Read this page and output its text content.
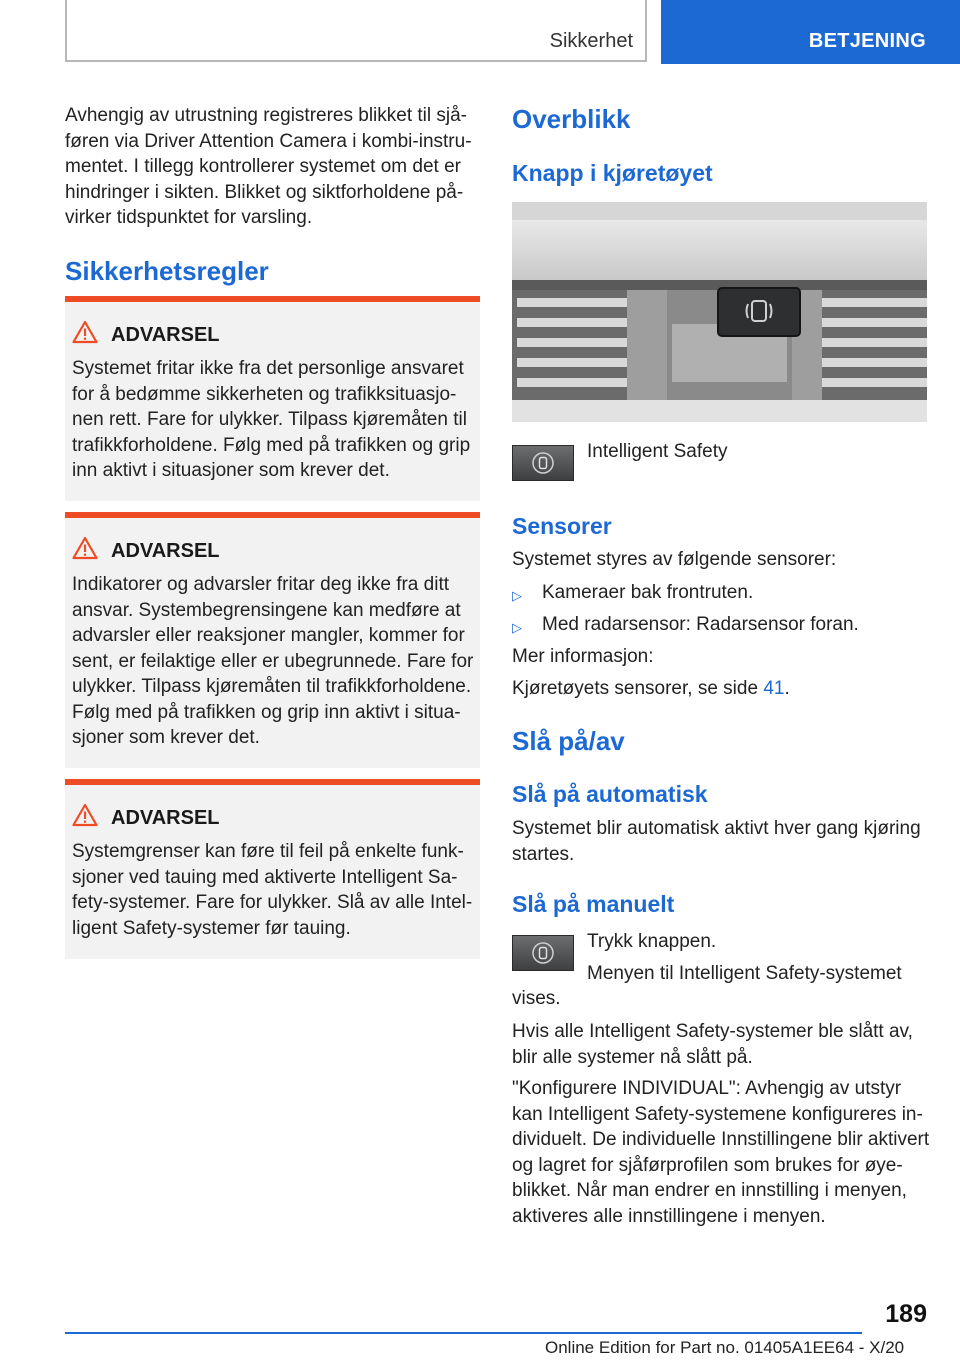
Sikkerhet	BETJENING
Avhengig av utrustning registreres blikket til sjå-føren via Driver Attention Camera i kombi-instru-mentet. I tillegg kontrollerer systemet om det er hindringer i sikten. Blikket og siktforholdene på-virker tidspunktet for varsling.
Sikkerhetsregler
ADVARSEL
Systemet fritar ikke fra det personlige ansvaret for å bedømme sikkerheten og trafikksituasjo-nen rett. Fare for ulykker. Tilpass kjøremåten til trafikkforholdene. Følg med på trafikken og grip inn aktivt i situasjoner som krever det.
ADVARSEL
Indikatorer og advarsler fritar deg ikke fra ditt ansvar. Systembegrensingene kan medføre at advarsler eller reaksjoner mangler, kommer for sent, er feilaktige eller er ubegrunnede. Fare for ulykker. Tilpass kjøremåten til trafikkforholdene. Følg med på trafikken og grip inn aktivt i situa-sjoner som krever det.
ADVARSEL
Systemgrenser kan føre til feil på enkelte funk-sjoner ved tauing med aktiverte Intelligent Sa-fety-systemer. Fare for ulykker. Slå av alle Intel-ligent Safety-systemer før tauing.
Overblikk
Knapp i kjøretøyet
Intelligent Safety
Sensorer
Systemet styres av følgende sensorer:
▷ Kameraer bak frontruten.
▷ Med radarsensor: Radarsensor foran.
Mer informasjon:
Kjøretøyets sensorer, se side 41.
Slå på/av
Slå på automatisk
Systemet blir automatisk aktivt hver gang kjøring startes.
Slå på manuelt
Trykk knappen.
Menyen til Intelligent Safety-systemet
vises.
Hvis alle Intelligent Safety-systemer ble slått av, blir alle systemer nå slått på.
"Konfigurere INDIVIDUAL": Avhengig av utstyr kan Intelligent Safety-systemene konfigureres in-dividuelt. De individuelle Innstillingene blir aktivert og lagret for sjåførprofilen som brukes for øye-blikket. Når man endrer en innstilling i menyen, aktiveres alle innstillingene i menyen.
189
Online Edition for Part no. 01405A1EE64 - X/20
